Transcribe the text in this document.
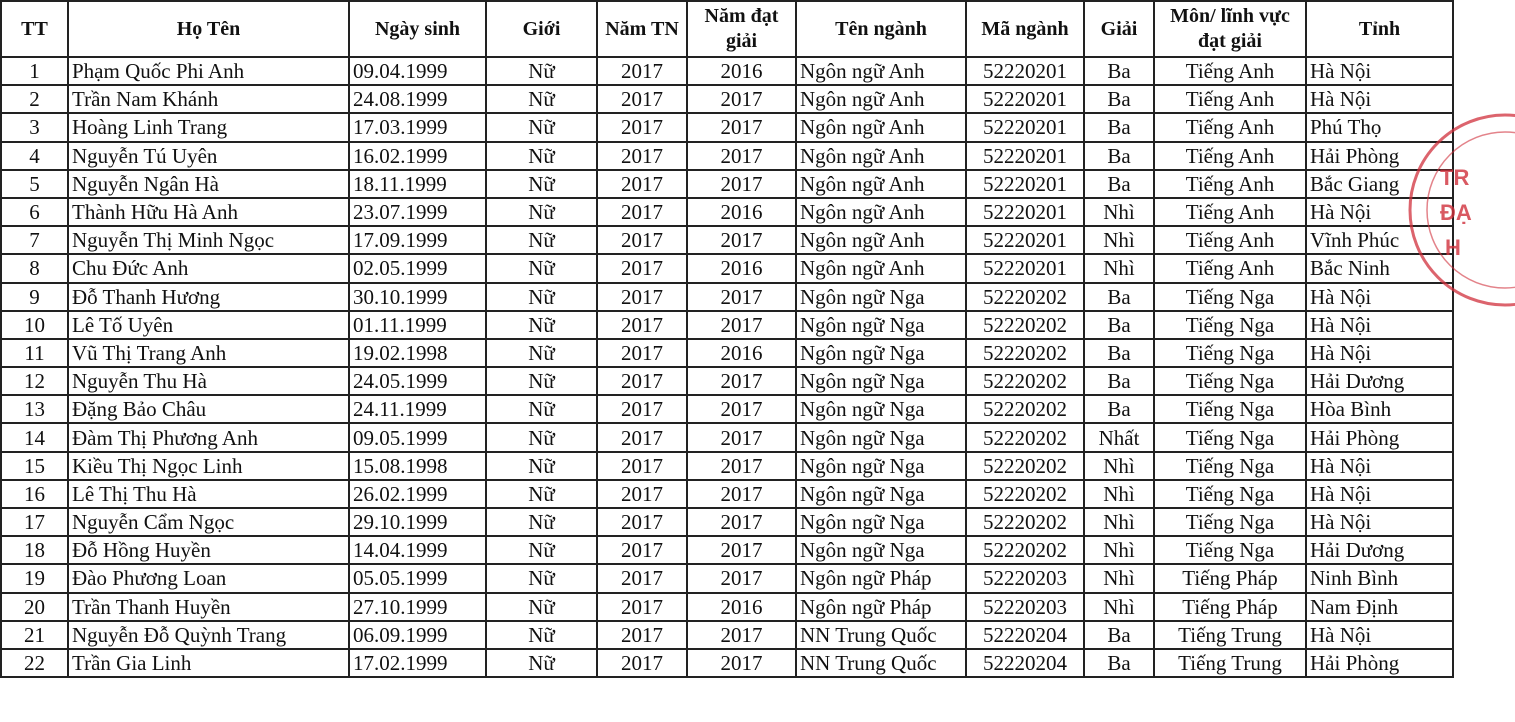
TT	Họ Tên	Ngày sinh	Giới	Năm TN	Năm đạt giải	Tên ngành	Mã ngành	Giải	Môn/ lĩnh vực đạt giải	Tỉnh
1	Phạm Quốc Phi Anh	09.04.1999	Nữ	2017	2016	Ngôn ngữ Anh	52220201	Ba	Tiếng Anh	Hà Nội
2	Trần Nam Khánh	24.08.1999	Nữ	2017	2017	Ngôn ngữ Anh	52220201	Ba	Tiếng Anh	Hà Nội
3	Hoàng Linh Trang	17.03.1999	Nữ	2017	2017	Ngôn ngữ Anh	52220201	Ba	Tiếng Anh	Phú Thọ
4	Nguyễn Tú Uyên	16.02.1999	Nữ	2017	2017	Ngôn ngữ Anh	52220201	Ba	Tiếng Anh	Hải Phòng
5	Nguyễn Ngân Hà	18.11.1999	Nữ	2017	2017	Ngôn ngữ Anh	52220201	Ba	Tiếng Anh	Bắc Giang
6	Thành Hữu Hà Anh	23.07.1999	Nữ	2017	2016	Ngôn ngữ Anh	52220201	Nhì	Tiếng Anh	Hà Nội
7	Nguyễn Thị Minh Ngọc	17.09.1999	Nữ	2017	2017	Ngôn ngữ Anh	52220201	Nhì	Tiếng Anh	Vĩnh Phúc
8	Chu Đức Anh	02.05.1999	Nữ	2017	2016	Ngôn ngữ Anh	52220201	Nhì	Tiếng Anh	Bắc Ninh
9	Đỗ Thanh Hương	30.10.1999	Nữ	2017	2017	Ngôn ngữ Nga	52220202	Ba	Tiếng Nga	Hà Nội
10	Lê Tố Uyên	01.11.1999	Nữ	2017	2017	Ngôn ngữ Nga	52220202	Ba	Tiếng Nga	Hà Nội
11	Vũ Thị Trang Anh	19.02.1998	Nữ	2017	2016	Ngôn ngữ Nga	52220202	Ba	Tiếng Nga	Hà Nội
12	Nguyễn Thu Hà	24.05.1999	Nữ	2017	2017	Ngôn ngữ Nga	52220202	Ba	Tiếng Nga	Hải Dương
13	Đặng Bảo Châu	24.11.1999	Nữ	2017	2017	Ngôn ngữ Nga	52220202	Ba	Tiếng Nga	Hòa Bình
14	Đàm Thị Phương Anh	09.05.1999	Nữ	2017	2017	Ngôn ngữ Nga	52220202	Nhất	Tiếng Nga	Hải Phòng
15	Kiều Thị Ngọc Linh	15.08.1998	Nữ	2017	2017	Ngôn ngữ Nga	52220202	Nhì	Tiếng Nga	Hà Nội
16	Lê Thị Thu Hà	26.02.1999	Nữ	2017	2017	Ngôn ngữ Nga	52220202	Nhì	Tiếng Nga	Hà Nội
17	Nguyễn Cẩm Ngọc	29.10.1999	Nữ	2017	2017	Ngôn ngữ Nga	52220202	Nhì	Tiếng Nga	Hà Nội
18	Đỗ Hồng Huyền	14.04.1999	Nữ	2017	2017	Ngôn ngữ Nga	52220202	Nhì	Tiếng Nga	Hải Dương
19	Đào Phương Loan	05.05.1999	Nữ	2017	2017	Ngôn ngữ Pháp	52220203	Nhì	Tiếng Pháp	Ninh Bình
20	Trần Thanh Huyền	27.10.1999	Nữ	2017	2016	Ngôn ngữ Pháp	52220203	Nhì	Tiếng Pháp	Nam Định
21	Nguyễn Đỗ Quỳnh Trang	06.09.1999	Nữ	2017	2017	NN Trung Quốc	52220204	Ba	Tiếng Trung	Hà Nội
22	Trần Gia Linh	17.02.1999	Nữ	2017	2017	NN Trung Quốc	52220204	Ba	Tiếng Trung	Hải Phòng
TR
ĐẠ
H
